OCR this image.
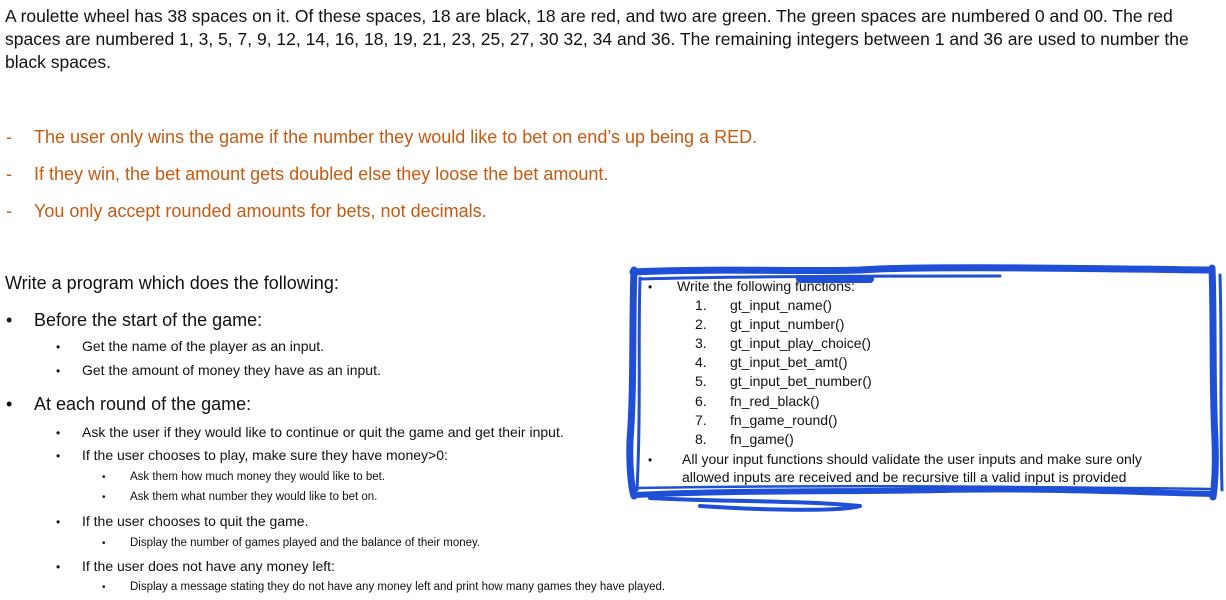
A roulette wheel has 38 spaces on it. Of these spaces, 18 are black, 18 are red, and two are green. The green spaces are numbered 0 and 00. The red spaces are numbered 1, 3, 5, 7, 9, 12, 14, 16, 18, 19, 21, 23, 25, 27, 30 32, 34 and 36. The remaining integers between 1 and 36 are used to number the black spaces.
- The user only wins the game if the number they would like to bet on end’s up being a RED.
- If they win, the bet amount gets doubled else they loose the bet amount.
- You only accept rounded amounts for bets, not decimals.
Write a program which does the following:
• Before the start of the game:
• Get the name of the player as an input.
• Get the amount of money they have as an input.
• At each round of the game:
• Ask the user if they would like to continue or quit the game and get their input.
• If the user chooses to play, make sure they have money>0:
• Ask them how much money they would like to bet.
• Ask them what number they would like to bet on.
• If the user chooses to quit the game.
• Display the number of games played and the balance of their money.
• If the user does not have any money left:
• Display a message stating they do not have any money left and print how many games they have played.
• Write the following functions:
1. gt_input_name()
2. gt_input_number()
3. gt_input_play_choice()
4. gt_input_bet_amt()
5. gt_input_bet_number()
6. fn_red_black()
7. fn_game_round()
8. fn_game()
• All your input functions should validate the user inputs and make sure only
allowed inputs are received and be recursive till a valid input is provided
